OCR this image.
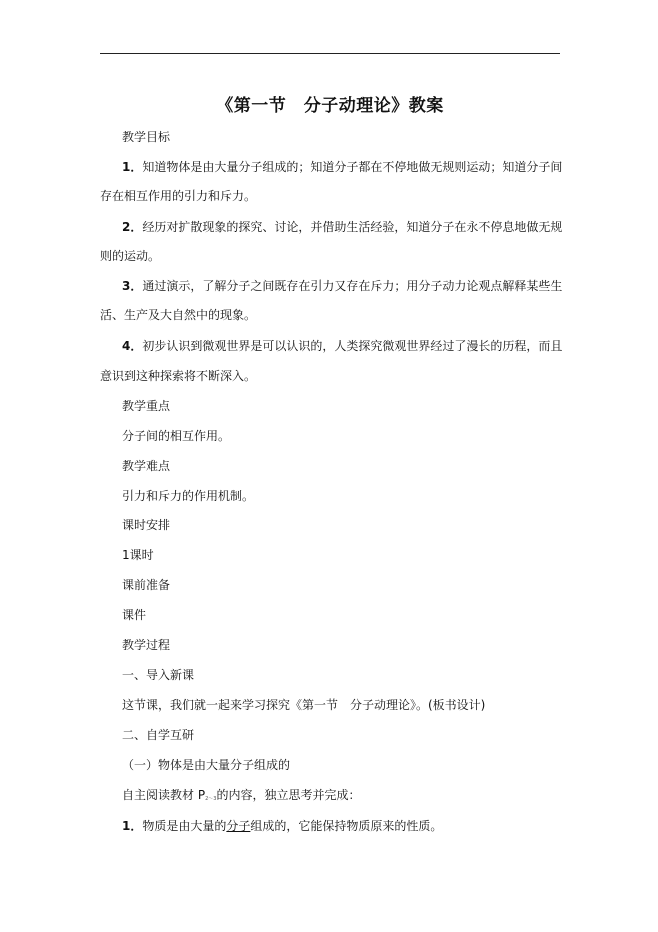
《第一节　分子动理论》教案
教学目标
1．知道物体是由大量分子组成的；知道分子都在不停地做无规则运动；知道分子间
存在相互作用的引力和斥力。
2．经历对扩散现象的探究、讨论，并借助生活经验，知道分子在永不停息地做无规
则的运动。
3．通过演示，了解分子之间既存在引力又存在斥力；用分子动力论观点解释某些生
活、生产及大自然中的现象。
4．初步认识到微观世界是可以认识的，人类探究微观世界经过了漫长的历程，而且
意识到这种探索将不断深入。
教学重点
分子间的相互作用。
教学难点
引力和斥力的作用机制。
课时安排
1课时
课前准备
课件
教学过程
一、导入新课
这节课，我们就一起来学习探究《第一节　分子动理论》。(板书设计)
二、自学互研
（一）物体是由大量分子组成的
自主阅读教材 $P_{2\sim 3}$的内容，独立思考并完成：
1．物质是由大量的分子组成的，它能保持物质原来的性质。
